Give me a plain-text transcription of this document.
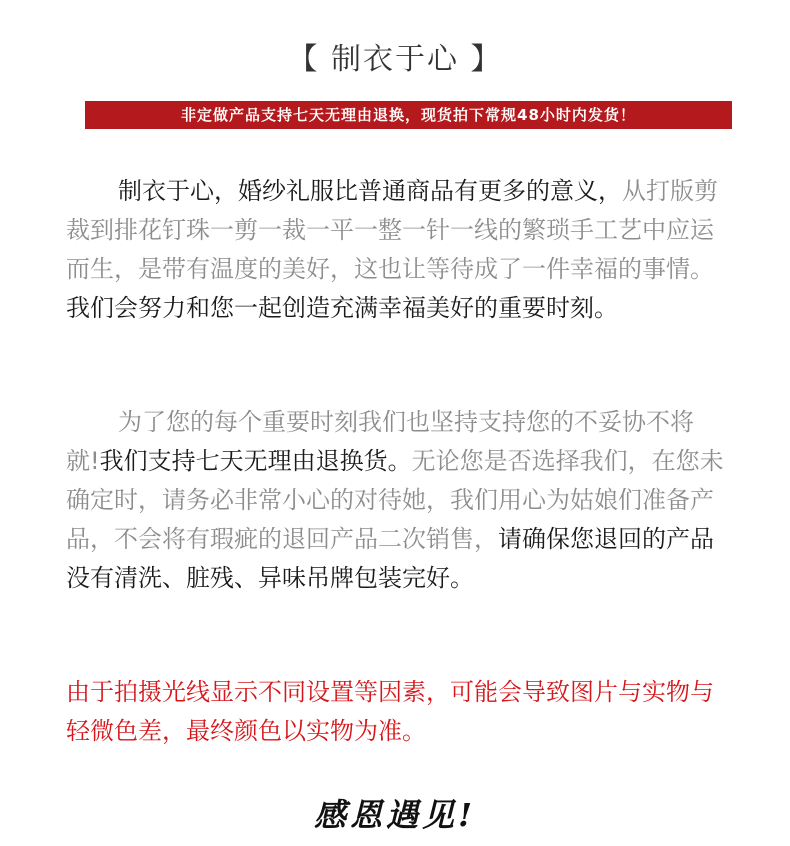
【 制衣于心 】
非定做产品支持七天无理由退换，现货拍下常规48小时内发货！

制衣于心，婚纱礼服比普通商品有更多的意义，从打版剪裁到排花钉珠一剪一裁一平一整一针一线的繁琐手工艺中应运而生，是带有温度的美好，这也让等待成了一件幸福的事情。我们会努力和您一起创造充满幸福美好的重要时刻。

为了您的每个重要时刻我们也坚持支持您的不妥协不将就!我们支持七天无理由退换货。无论您是否选择我们，在您未确定时，请务必非常小心的对待她，我们用心为姑娘们准备产品，不会将有瑕疵的退回产品二次销售，请确保您退回的产品没有清洗、脏残、异味吊牌包装完好。

由于拍摄光线显示不同设置等因素，可能会导致图片与实物与轻微色差，最终颜色以实物为准。

感恩遇见!
